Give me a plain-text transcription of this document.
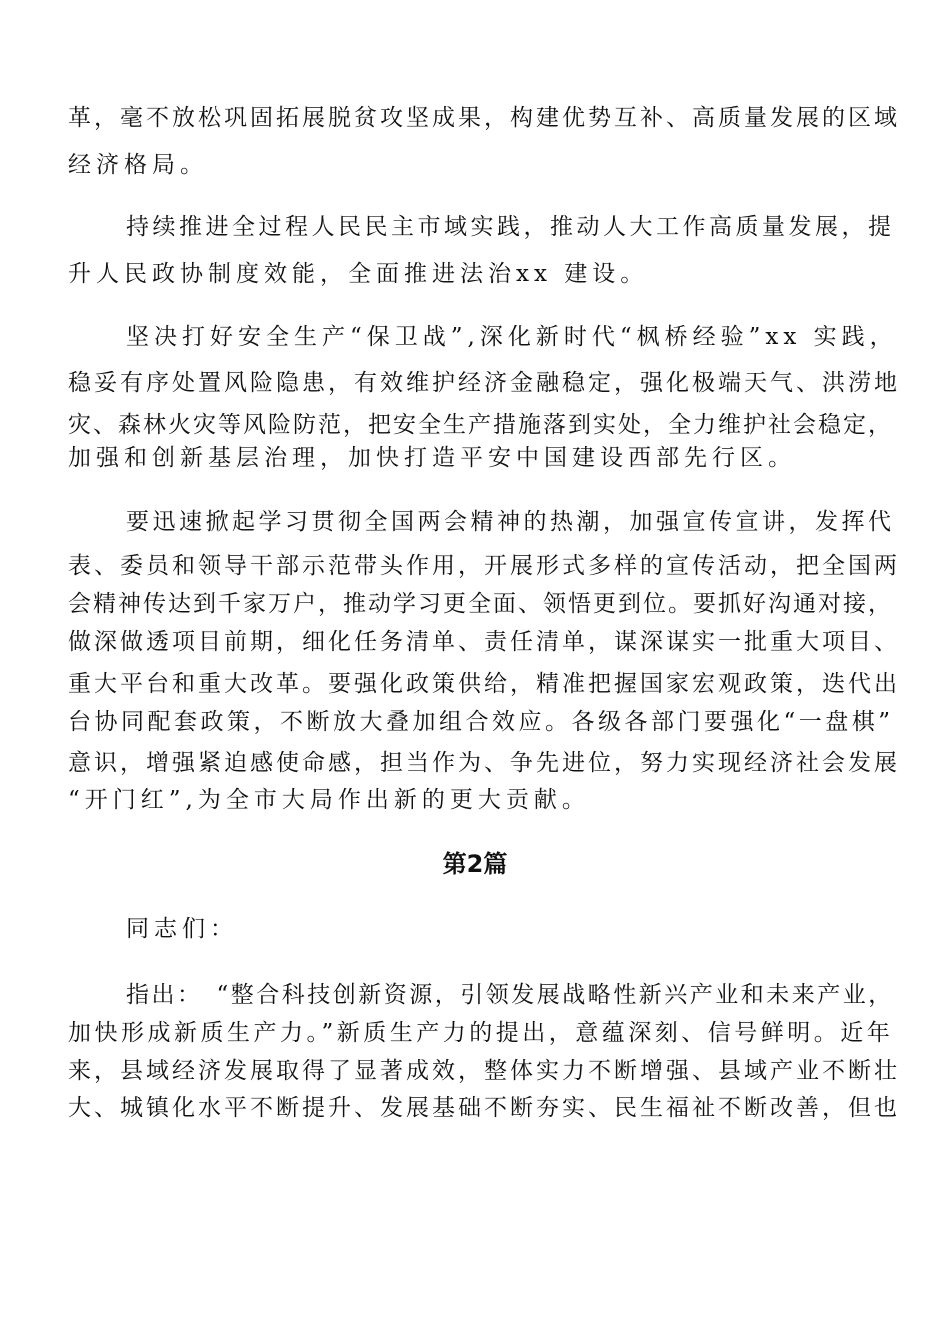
革，毫不放松巩固拓展脱贫攻坚成果，构建优势互补、高质量发展的区域
经济格局。
持续推进全过程人民民主市域实践，推动人大工作高质量发展，提
升人民政协制度效能，全面推进法治xx 建设。
坚决打好安全生产“保卫战”,深化新时代“枫桥经验”xx 实践，
稳妥有序处置风险隐患，有效维护经济金融稳定，强化极端天气、洪涝地
灾、森林火灾等风险防范，把安全生产措施落到实处，全力维护社会稳定，
加强和创新基层治理，加快打造平安中国建设西部先行区。
要迅速掀起学习贯彻全国两会精神的热潮，加强宣传宣讲，发挥代
表、委员和领导干部示范带头作用，开展形式多样的宣传活动，把全国两
会精神传达到千家万户，推动学习更全面、领悟更到位。要抓好沟通对接，
做深做透项目前期，细化任务清单、责任清单，谋深谋实一批重大项目、
重大平台和重大改革。要强化政策供给，精准把握国家宏观政策，迭代出
台协同配套政策，不断放大叠加组合效应。各级各部门要强化“一盘棋”
意识，增强紧迫感使命感，担当作为、争先进位，努力实现经济社会发展
“开门红”,为全市大局作出新的更大贡献。
第2篇
同志们：
指出：　“整合科技创新资源，引领发展战略性新兴产业和未来产业，
加快形成新质生产力。”新质生产力的提出，意蕴深刻、信号鲜明。近年
来，县域经济发展取得了显著成效，整体实力不断增强、县域产业不断壮
大、城镇化水平不断提升、发展基础不断夯实、民生福祉不断改善，但也
